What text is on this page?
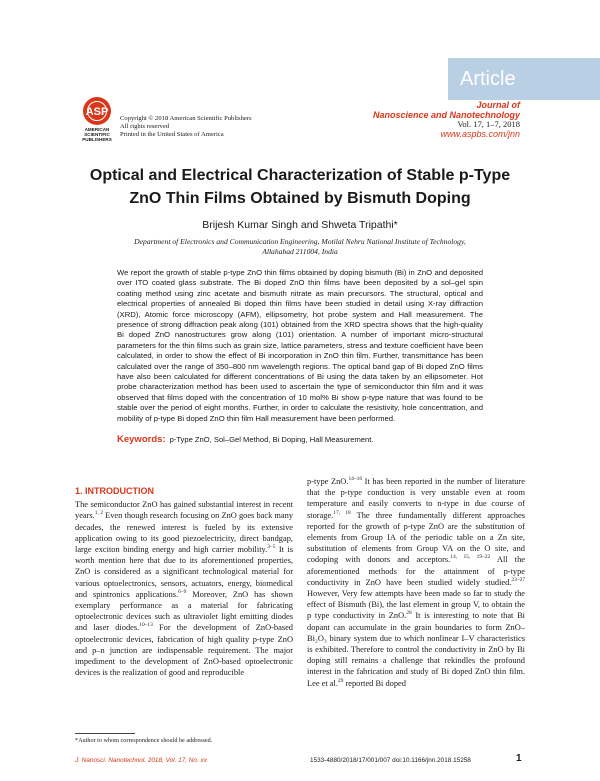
Article
ASP
AMERICAN
SCIENTIFIC
PUBLISHERS
Copyright © 2018 American Scientific Publishers
All rights reserved
Printed in the United States of America
Journal of
Nanoscience and Nanotechnology
Vol. 17, 1–7, 2018
www.aspbs.com/jnn
Optical and Electrical Characterization of Stable p-Type
ZnO Thin Films Obtained by Bismuth Doping
Brijesh Kumar Singh and Shweta Tripathi*
Department of Electronics and Communication Engineering, Motilal Nehru National Institute of Technology,
Allahabad 211004, India
We report the growth of stable p-type ZnO thin films obtained by doping bismuth (Bi) in ZnO and deposited over ITO coated glass substrate. The Bi doped ZnO thin films have been deposited by a sol–gel spin coating method using zinc acetate and bismuth nitrate as main precursors. The structural, optical and electrical properties of annealed Bi doped thin films have been studied in detail using X-ray diffraction (XRD), Atomic force microscopy (AFM), ellipsometry, hot probe system and Hall measurement. The presence of strong diffraction peak along (101) obtained from the XRD spectra shows that the high-quality Bi doped ZnO nanostructures grow along (101) orientation. A number of important micro-structural parameters for the thin films such as grain size, lattice parameters, stress and texture coefficient have been calculated, in order to show the effect of Bi incorporation in ZnO thin film. Further, transmittance has been calculated over the range of 350–800 nm wavelength regions. The optical band gap of Bi doped ZnO films have also been calculated for different concentrations of Bi using the data taken by an ellipsometer. Hot probe characterization method has been used to ascertain the type of semiconductor thin film and it was observed that films doped with the concentration of 10 mol% Bi show p-type nature that was found to be stable over the period of eight months. Further, in order to calculate the resistivity, hole concentration, and mobility of p-type Bi doped ZnO thin film Hall measurement have been performed.
Keywords: p-Type ZnO, Sol–Gel Method, Bi Doping, Hall Measurement.
1. INTRODUCTION
The semiconductor ZnO has gained substantial interest in recent years.$^{1, 2}$ Even though research focusing on ZnO goes back many decades, the renewed interest is fueled by its extensive application owing to its good piezoelectricity, direct bandgap, large exciton binding energy and high carrier mobility.$^{3-5}$ It is worth mention here that due to its aforementioned properties, ZnO is considered as a significant technological material for various optoelectronics, sensors, actuators, energy, biomedical and spintronics applications.$^{6-9}$ Moreover, ZnO has shown exemplary performance as a material for fabricating optoelectronic devices such as ultraviolet light emitting diodes and laser diodes.$^{10-13}$ For the development of ZnO-based optoelectronic devices, fabrication of high quality p-type ZnO and p–n junction are indispensable requirement. The major impediment to the development of ZnO-based optoelectronic devices is the realization of good and reproducible
p-type ZnO.$^{14-16}$ It has been reported in the number of literature that the p-type conduction is very unstable even at room temperature and easily converts to n-type in due course of storage.$^{17, 18}$ The three fundamentally different approaches reported for the growth of p-type ZnO are the substitution of elements from Group IA of the periodic table on a Zn site, substitution of elements from Group VA on the O site, and codoping with donors and acceptors.$^{14, 15, 19-22}$ All the aforementioned methods for the attainment of p-type conductivity in ZnO have been studied widely studied.$^{23-27}$ However, Very few attempts have been made so far to study the effect of Bismuth (Bi), the last element in group V, to obtain the p type conductivity in ZnO.$^{28}$ It is interesting to note that Bi dopant can accumulate in the grain boundaries to form ZnO–Bi₂O₃ binary system due to which nonlinear I–V characteristics is exhibited. Therefore to control the conductivity in ZnO by Bi doping still remains a challenge that rekindles the profound interest in the fabrication and study of Bi doped ZnO thin film. Lee et al.$^{29}$ reported Bi doped
*Author to whom correspondence should be addressed.
J. Nanosci. Nanotechnol. 2018, Vol. 17, No. xx	1533-4880/2018/17/001/007 doi:10.1166/jnn.2018.15258	1
